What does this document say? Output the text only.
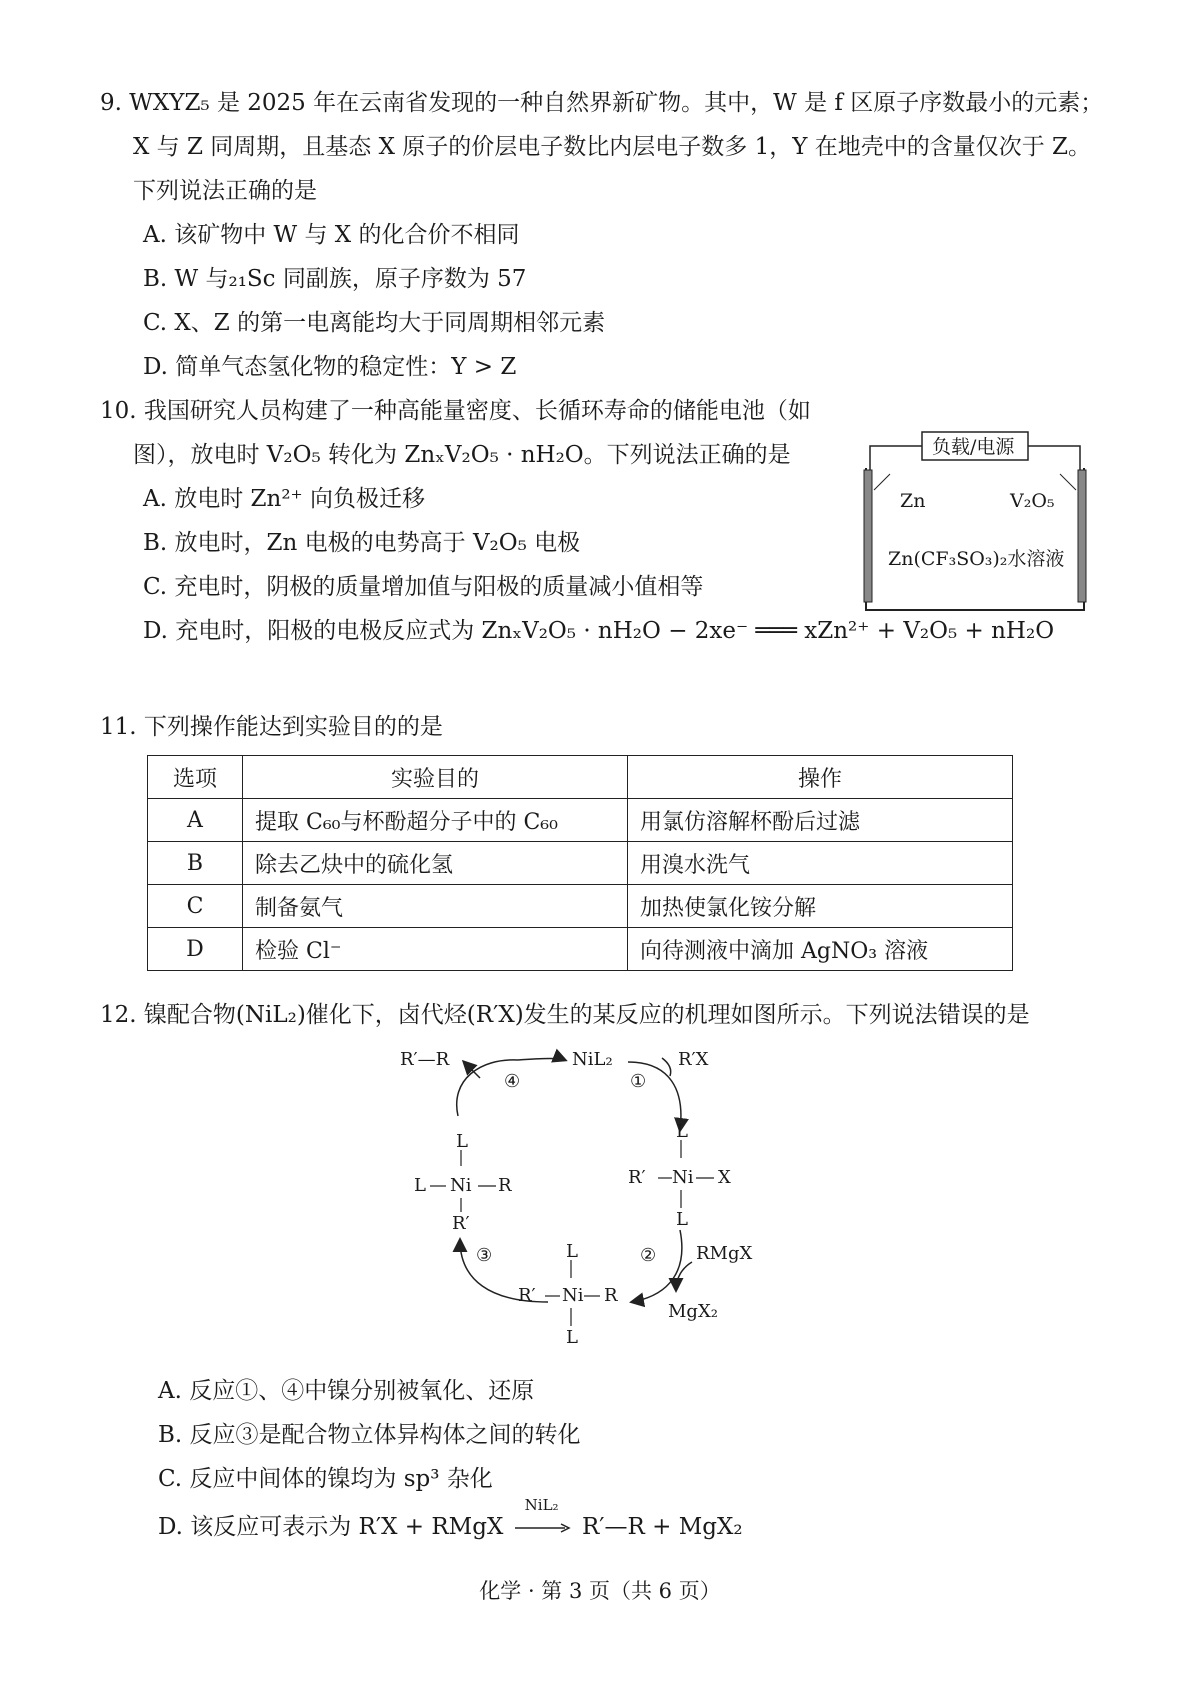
9. WXYZ₅ 是 2025 年在云南省发现的一种自然界新矿物。其中，W 是 f 区原子序数最小的元素；
X 与 Z 同周期，且基态 X 原子的价层电子数比内层电子数多 1，Y 在地壳中的含量仅次于 Z。
下列说法正确的是
A. 该矿物中 W 与 X 的化合价不相同
B. W 与₂₁Sc 同副族，原子序数为 57
C. X、Z 的第一电离能均大于同周期相邻元素
D. 简单气态氢化物的稳定性：Y > Z
10. 我国研究人员构建了一种高能量密度、长循环寿命的储能电池（如
图），放电时 V₂O₅ 转化为 ZnₓV₂O₅ · nH₂O。下列说法正确的是
A. 放电时 Zn²⁺ 向负极迁移
B. 放电时，Zn 电极的电势高于 V₂O₅ 电极
C. 充电时，阴极的质量增加值与阳极的质量减小值相等
D. 充电时，阳极的电极反应式为 ZnₓV₂O₅ · nH₂O − 2xe⁻ ═══ xZn²⁺ + V₂O₅ + nH₂O
负载/电源
Zn	V₂O₅
Zn(CF₃SO₃)₂水溶液
11. 下列操作能达到实验目的的是
选项	实验目的	操作
A	提取 C₆₀与杯酚超分子中的 C₆₀	用氯仿溶解杯酚后过滤
B	除去乙炔中的硫化氢	用溴水洗气
C	制备氨气	加热使氯化铵分解
D	检验 Cl⁻	向待测液中滴加 AgNO₃ 溶液
12. 镍配合物(NiL₂)催化下，卤代烃(R′X)发生的某反应的机理如图所示。下列说法错误的是
R′—R	NiL₂	R′X
④	①
L
L Ni R
R′
L
R′ Ni X
L
② RMgX
MgX₂
③	L
R′ Ni R
L
A. 反应①、④中镍分别被氧化、还原
B. 反应③是配合物立体异构体之间的转化
C. 反应中间体的镍均为 sp³ 杂化
D. 该反应可表示为 R′X + RMgX
NiL₂
R′—R + MgX₂
化学 · 第 3 页（共 6 页）
